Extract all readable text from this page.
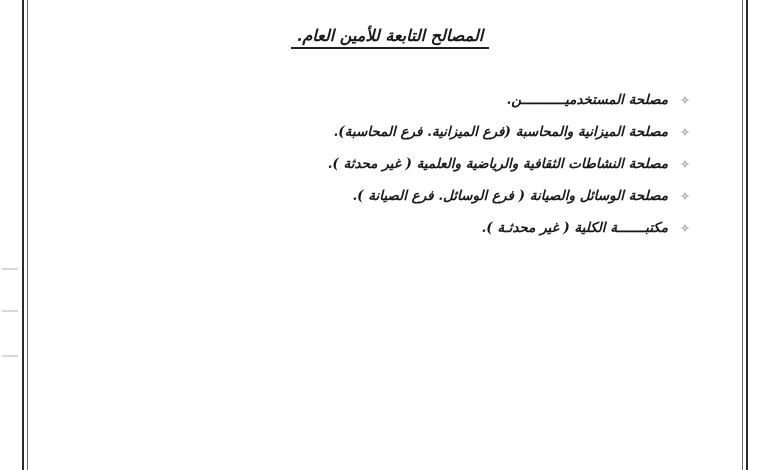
المصالح التابعة للأمين العام.
✧
مصلحة المستخدميـــــــــــن.
✧
مصلحة الميزانية والمحاسبة (فرع الميزانية. فرع المحاسبة).
✧
مصلحة النشاطات الثقافية والرياضية والعلمية ( غير محدثة ).
✧
مصلحة الوسائل والصيانة ( فرع الوسائل. فرع الصيانة ).
✧
مكتبـــــــة الكلية ( غير محدثـة ).
